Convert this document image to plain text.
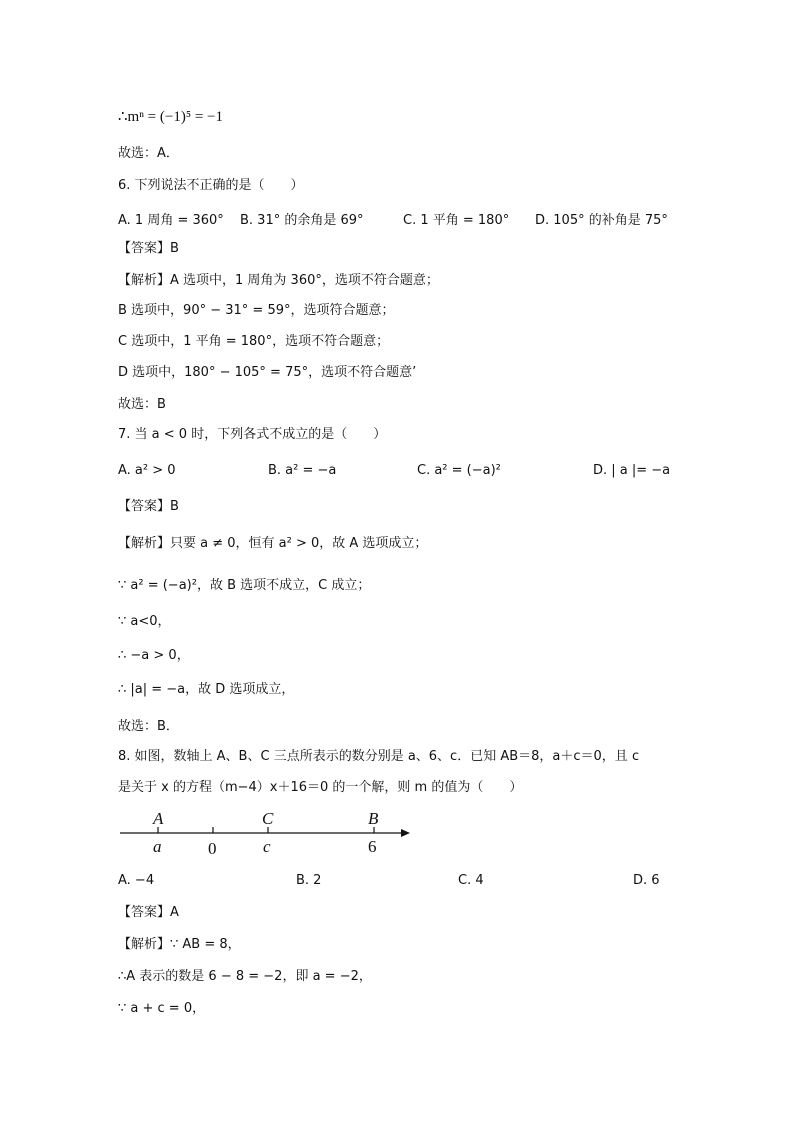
∴mⁿ = (−1)⁵ = −1
故选：A．
6. 下列说法不正确的是（　　）
A. 1 周角 = 360° B. 31° 的余角是 69°	C. 1 平角 = 180° D. 105° 的补角是 75°
【答案】B
【解析】A 选项中，1 周角为 360°，选项不符合题意；
B 选项中，90° − 31° = 59°，选项符合题意；
C 选项中，1 平角 = 180°，选项不符合题意；
D 选项中，180° − 105° = 75°，选项不符合题意’
故选：B
7. 当 a < 0 时，下列各式不成立的是（　　）
A. a² > 0	B. a² = −a	C. a² = (−a)²	D. | a |= −a
【答案】B
【解析】只要 a ≠ 0，恒有 a² > 0，故 A 选项成立；
∵ a² = (−a)²，故 B 选项不成立，C 成立；
∵ a<0，
∴ −a > 0，
∴ |a| = −a，故 D 选项成立，
故选：B．
8. 如图，数轴上 A、B、C 三点所表示的数分别是 a、6、c．已知 AB＝8，a＋c＝0，且 c
是关于 x 的方程（m−4）x＋16＝0 的一个解，则 m 的值为（　　）
A	C	B
a	0	c	6
A. −4	B. 2	C. 4	D. 6
【答案】A
【解析】∵ AB = 8，
∴A 表示的数是 6 − 8 = −2，即 a = −2，
∵ a + c = 0，
